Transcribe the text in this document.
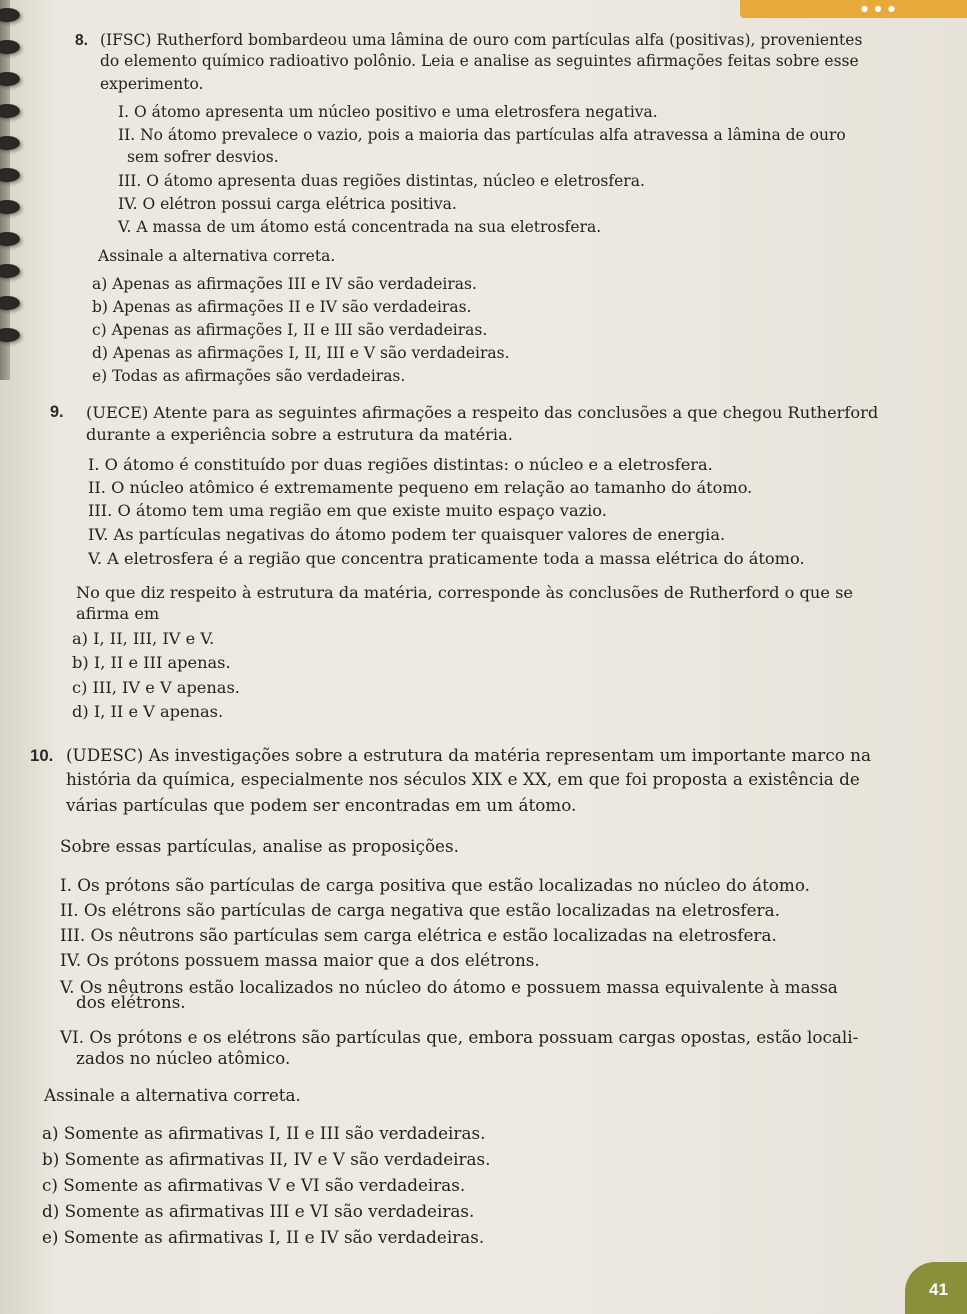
● ● ●
8. (IFSC) Rutherford bombardeou uma lâmina de ouro com partículas alfa (positivas), provenientes
do elemento químico radioativo polônio. Leia e analise as seguintes afirmações feitas sobre esse
experimento.
I. O átomo apresenta um núcleo positivo e uma eletrosfera negativa.
II. No átomo prevalece o vazio, pois a maioria das partículas alfa atravessa a lâmina de ouro
sem sofrer desvios.
III. O átomo apresenta duas regiões distintas, núcleo e eletrosfera.
IV. O elétron possui carga elétrica positiva.
V. A massa de um átomo está concentrada na sua eletrosfera.
Assinale a alternativa correta.
a) Apenas as afirmações III e IV são verdadeiras.
b) Apenas as afirmações II e IV são verdadeiras.
c) Apenas as afirmações I, II e III são verdadeiras.
d) Apenas as afirmações I, II, III e V são verdadeiras.
e) Todas as afirmações são verdadeiras.
9. (UECE) Atente para as seguintes afirmações a respeito das conclusões a que chegou Rutherford
durante a experiência sobre a estrutura da matéria.
I. O átomo é constituído por duas regiões distintas: o núcleo e a eletrosfera.
II. O núcleo atômico é extremamente pequeno em relação ao tamanho do átomo.
III. O átomo tem uma região em que existe muito espaço vazio.
IV. As partículas negativas do átomo podem ter quaisquer valores de energia.
V. A eletrosfera é a região que concentra praticamente toda a massa elétrica do átomo.
No que diz respeito à estrutura da matéria, corresponde às conclusões de Rutherford o que se
afirma em
a) I, II, III, IV e V.
b) I, II e III apenas.
c) III, IV e V apenas.
d) I, II e V apenas.
10. (UDESC) As investigações sobre a estrutura da matéria representam um importante marco na
história da química, especialmente nos séculos XIX e XX, em que foi proposta a existência de
várias partículas que podem ser encontradas em um átomo.
Sobre essas partículas, analise as proposições.
I. Os prótons são partículas de carga positiva que estão localizadas no núcleo do átomo.
II. Os elétrons são partículas de carga negativa que estão localizadas na eletrosfera.
III. Os nêutrons são partículas sem carga elétrica e estão localizadas na eletrosfera.
IV. Os prótons possuem massa maior que a dos elétrons.
V. Os nêutrons estão localizados no núcleo do átomo e possuem massa equivalente à massa
dos elétrons.
VI. Os prótons e os elétrons são partículas que, embora possuam cargas opostas, estão locali-
zados no núcleo atômico.
Assinale a alternativa correta.
a) Somente as afirmativas I, II e III são verdadeiras.
b) Somente as afirmativas II, IV e V são verdadeiras.
c) Somente as afirmativas V e VI são verdadeiras.
d) Somente as afirmativas III e VI são verdadeiras.
e) Somente as afirmativas I, II e IV são verdadeiras.
41
